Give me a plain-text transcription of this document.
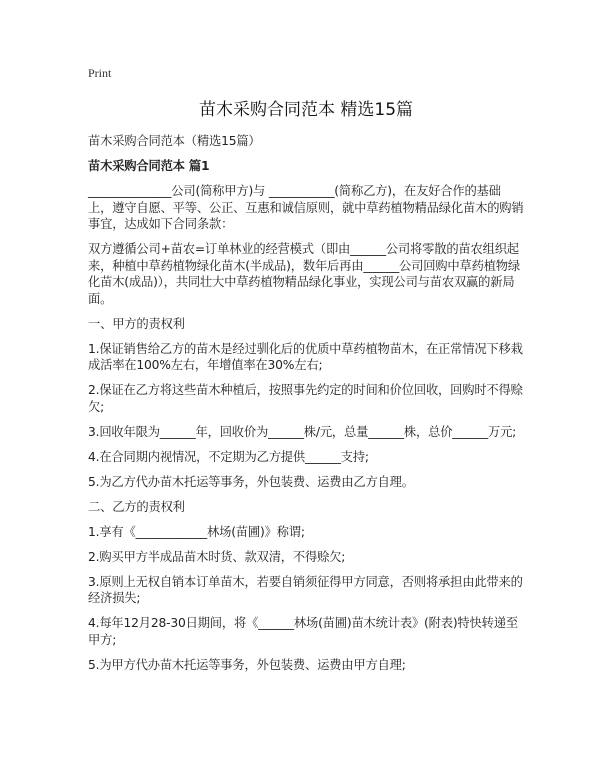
Print
苗木采购合同范本 精选15篇

苗木采购合同范本（精选15篇）

苗木采购合同范本 篇1

______________公司(简称甲方)与 ___________(简称乙方)，在友好合作的基础上，遵守自愿、平等、公正、互惠和诚信原则，就中草药植物精品绿化苗木的购销事宜，达成如下合同条款：

双方遵循公司+苗农=订单林业的经营模式（即由______公司将零散的苗农组织起来，种植中草药植物绿化苗木(半成品)，数年后再由______公司回购中草药植物绿化苗木(成品)），共同壮大中草药植物精品绿化事业，实现公司与苗农双赢的新局面。

一、甲方的责权利

1.保证销售给乙方的苗木是经过驯化后的优质中草药植物苗木，在正常情况下移栽成活率在100%左右，年增值率在30%左右;

2.保证在乙方将这些苗木种植后，按照事先约定的时间和价位回收，回购时不得赊欠;

3.回收年限为______年，回收价为______株/元，总量______株，总价______万元;

4.在合同期内视情况，不定期为乙方提供______支持;

5.为乙方代办苗木托运等事务，外包装费、运费由乙方自理。

二、乙方的责权利

1.享有《____________林场(苗圃)》称谓;

2.购买甲方半成品苗木时货、款双清，不得赊欠;

3.原则上无权自销本订单苗木，若要自销须征得甲方同意，否则将承担由此带来的经济损失;

4.每年12月28-30日期间，将《______林场(苗圃)苗木统计表》(附表)特快转递至甲方;

5.为甲方代办苗木托运等事务，外包装费、运费由甲方自理;
